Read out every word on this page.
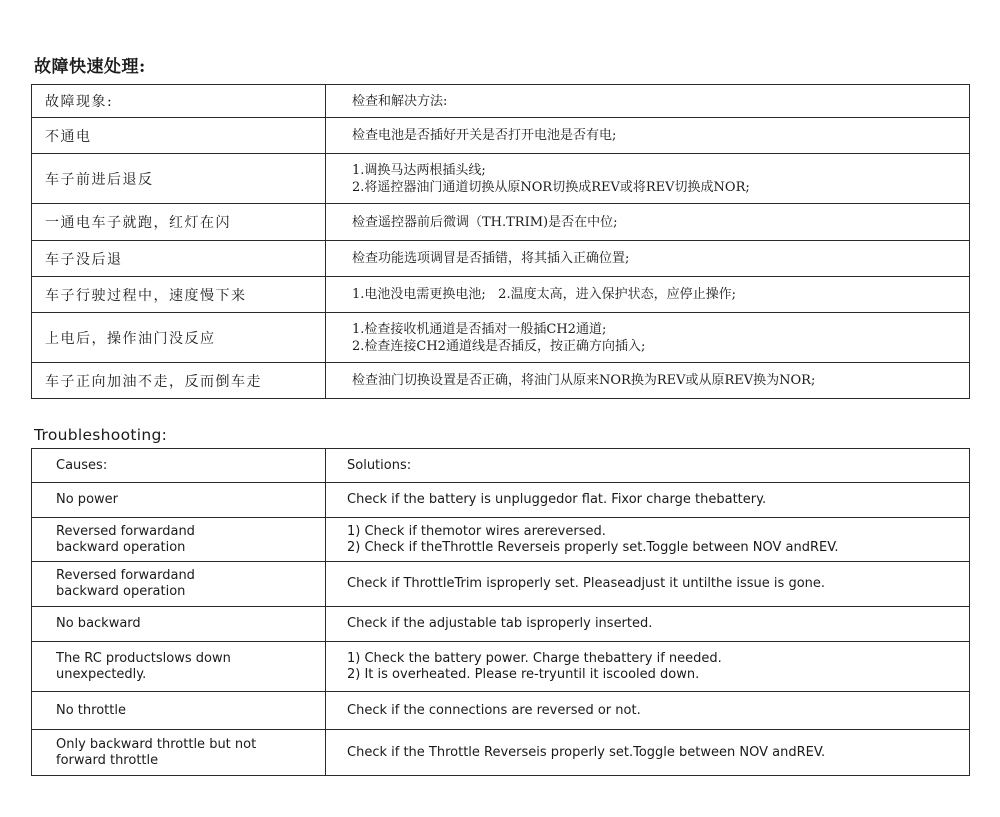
故障快速处理:
故障现象:	检查和解决方法:
不通电	检查电池是否插好开关是否打开电池是否有电;

车子前进后退反	1.调换马达两根插头线;
2.将遥控器油门通道切换从原NOR切换成REV或将REV切换成NOR;

一通电车子就跑，红灯在闪	检查遥控器前后微调（TH.TRIM)是否在中位;

车子没后退	检查功能选项调冒是否插错，将其插入正确位置;

车子行驶过程中，速度慢下来	1.电池没电需更换电池;   2.温度太高，进入保护状态，应停止操作;

上电后，操作油门没反应	1.检查接收机通道是否插对一般插CH2通道;
2.检查连接CH2通道线是否插反，按正确方向插入;

车子正向加油不走，反而倒车走	检查油门切换设置是否正确，将油门从原来NOR换为REV或从原REV换为NOR;
Troubleshooting:
Causes:	Solutions:

No power	Check if the battery is unpluggedor flat. Fixor charge thebattery.

Reversed forwardand
backward operation	1) Check if themotor wires arereversed.
2) Check if theThrottle Reverseis properly set.Toggle between NOV andREV.

Reversed forwardand
backward operation	Check if ThrottleTrim isproperly set. Pleaseadjust it untilthe issue is gone.

No backward	Check if the adjustable tab isproperly inserted.

The RC productslows down
unexpectedly.	1) Check the battery power. Charge thebattery if needed.
2) It is overheated. Please re-tryuntil it iscooled down.

No throttle	Check if the connections are reversed or not.

Only backward throttle but not
forward throttle	Check if the Throttle Reverseis properly set.Toggle between NOV andREV.
